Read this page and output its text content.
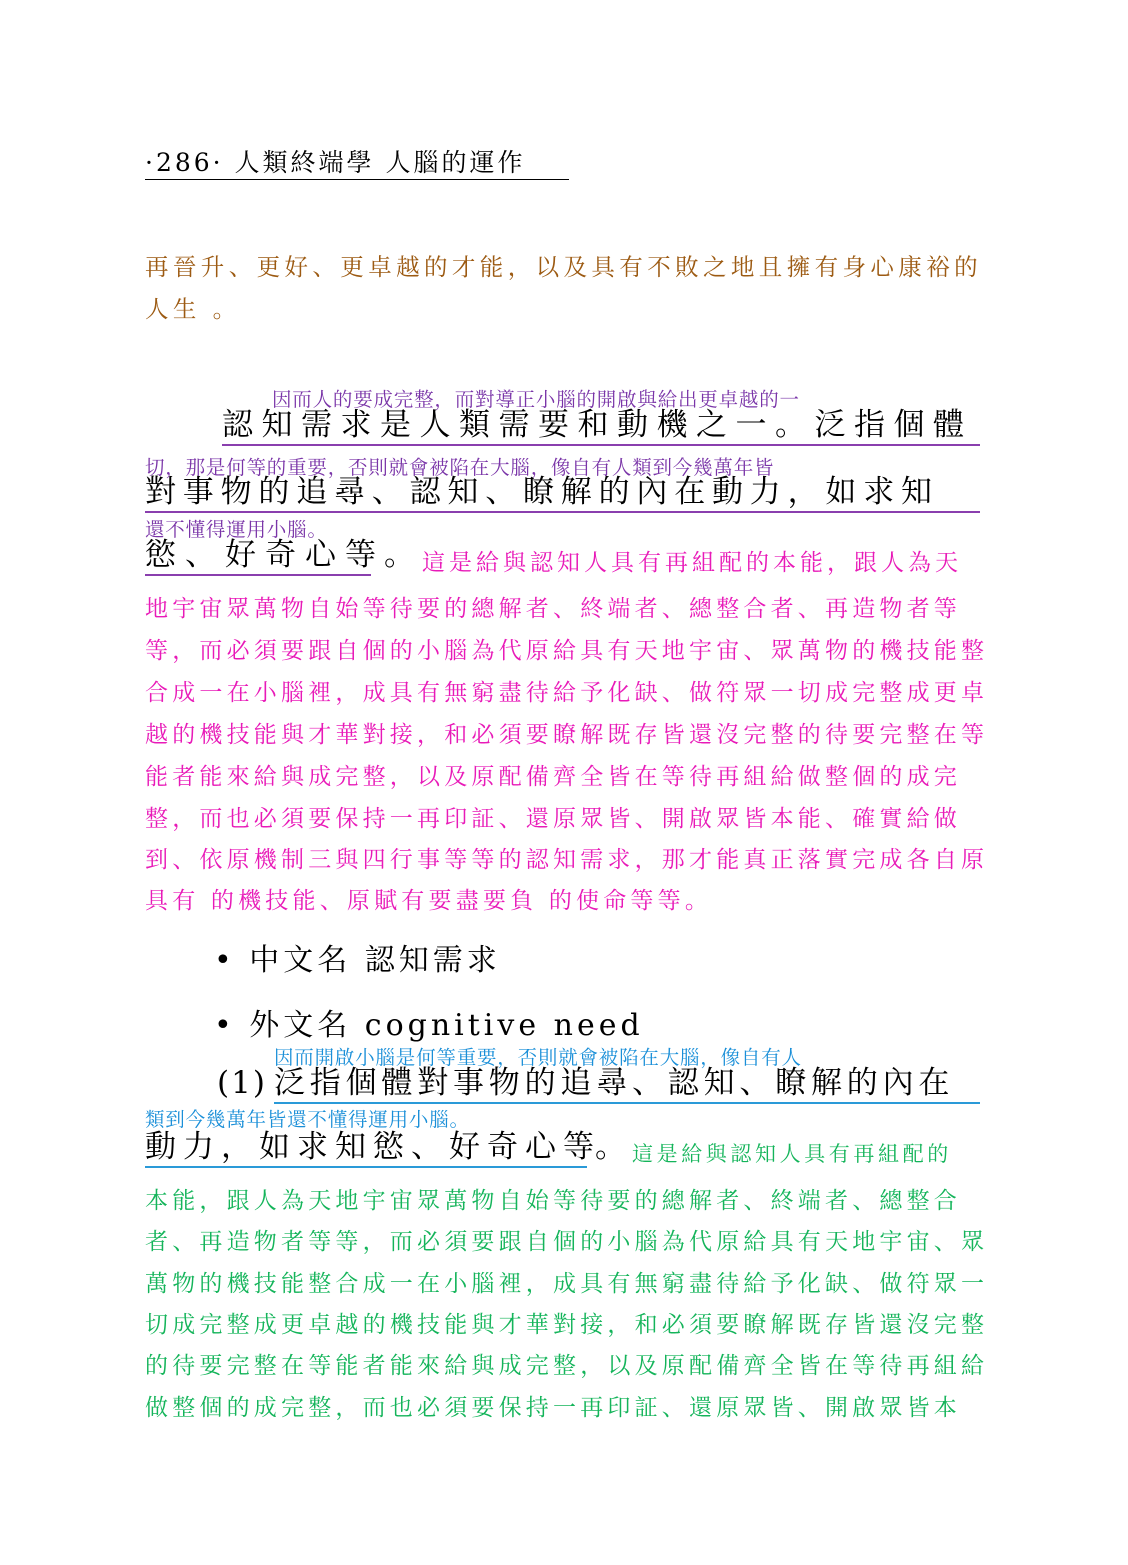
·286· 人類終端學 人腦的運作
再晉升、更好、更卓越的才能，以及具有不敗之地且擁有身心康裕的
人生 。
因而人的要成完整，而對導正小腦的開啟與給出更卓越的一
認知需求是人類需要和動機之一。泛指個體
切，那是何等的重要，否則就會被陷在大腦，像自有人類到今幾萬年皆
對事物的追尋、認知、瞭解的內在動力，如求知
還不懂得運用小腦。
慾、好奇心等 。
這是給與認知人具有再組配的本能，跟人為天
地宇宙眾萬物自始等待要的總解者、終端者、總整合者、再造物者等
等，而必須要跟自個的小腦為代原給具有天地宇宙、眾萬物的機技能整
合成一在小腦裡，成具有無窮盡待給予化缺、做符眾一切成完整成更卓
越的機技能與才華對接，和必須要瞭解既存皆還沒完整的待要完整在等
能者能來給與成完整，以及原配備齊全皆在等待再組給做整個的成完
整，而也必須要保持一再印証、還原眾皆、開啟眾皆本能、確實給做
到、依原機制三與四行事等等的認知需求，那才能真正落實完成各自原
具有 的機技能、原賦有要盡要負 的使命等等。
• 中文名 認知需求
• 外文名 cognitive need
因而開啟小腦是何等重要，否則就會被陷在大腦，像自有人
(1) 泛指個體對事物的追尋、認知、瞭解的內在
類到今幾萬年皆還不懂得運用小腦。
動力，如求知慾、好奇心等
。
這是給與認知人具有再組配的
本能，跟人為天地宇宙眾萬物自始等待要的總解者、終端者、總整合
者、再造物者等等，而必須要跟自個的小腦為代原給具有天地宇宙、眾
萬物的機技能整合成一在小腦裡，成具有無窮盡待給予化缺、做符眾一
切成完整成更卓越的機技能與才華對接，和必須要瞭解既存皆還沒完整
的待要完整在等能者能來給與成完整，以及原配備齊全皆在等待再組給
做整個的成完整，而也必須要保持一再印証、還原眾皆、開啟眾皆本
